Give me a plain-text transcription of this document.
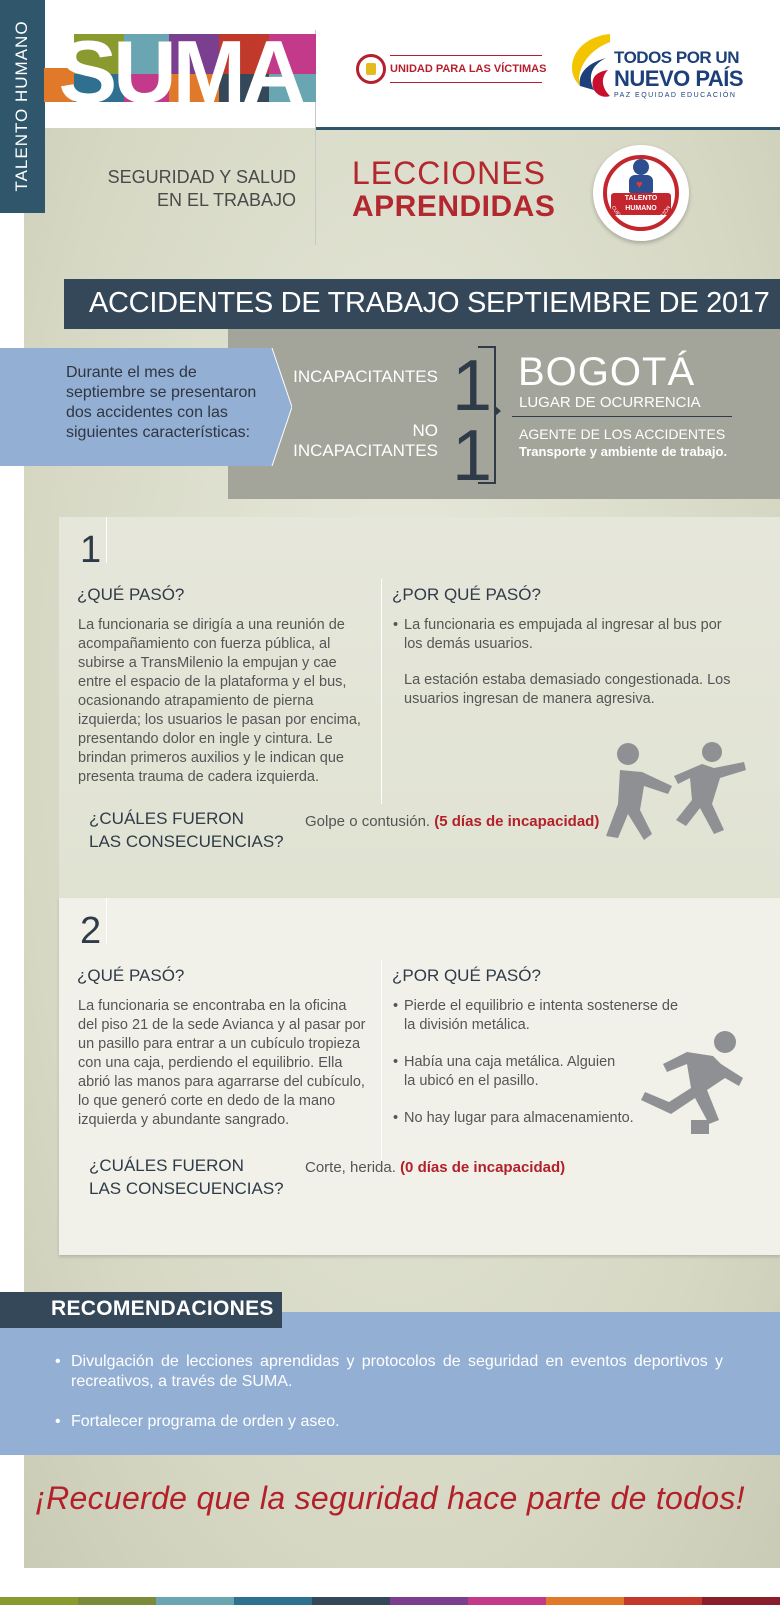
TALENTO HUMANO SUMA	UNIDAD PARA LAS VÍCTIMAS
TODOS POR UN
NUEVO PAÍS
PAZ EQUIDAD EDUCACIÓN
SEGURIDAD Y SALUD
EN EL TRABAJO
LECCIONES
APRENDIDAS
♥
TALENTO
HUMANO
CUIDAMOS CON EL CORAZÓN
ACCIDENTES DE TRABAJO SEPTIEMBRE DE 2017

Durante el mes de septiembre se presentaron dos accidentes con las siguientes características:

INCAPACITANTES
NO
INCAPACITANTES
1
1
BOGOTÁ
LUGAR DE OCURRENCIA
AGENTE DE LOS ACCIDENTES
Transporte y ambiente de trabajo.
1
¿QUÉ PASÓ?
La funcionaria se dirigía a una reunión de acompañamiento con fuerza pública, al subirse a TransMilenio la empujan y cae entre el espacio de la plataforma y el bus, ocasionando atrapamiento de pierna izquierda; los usuarios le pasan por encima, presentando dolor en ingle y cintura. Le brindan primeros auxilios y le indican que presenta trauma de cadera izquierda.
¿POR QUÉ PASÓ?
• La funcionaria es empujada al ingresar al bus por los demás usuarios.
La estación estaba demasiado congestionada. Los usuarios ingresan de manera agresiva.
¿CUÁLES FUERON
LAS CONSECUENCIAS?
Golpe o contusión. (5 días de incapacidad)
2
¿QUÉ PASÓ?
La funcionaria se encontraba en la oficina del piso 21 de la sede Avianca y al pasar por un pasillo para entrar a un cubículo tropieza con una caja, perdiendo el equilibrio. Ella abrió las manos para agarrarse del cubículo, lo que generó corte en dedo de la mano izquierda y abundante sangrado.
¿POR QUÉ PASÓ?
• Pierde el equilibrio e intenta sostenerse de la división metálica.
• Había una caja metálica. Alguien la ubicó en el pasillo.
• No hay lugar para almacenamiento.
¿CUÁLES FUERON
LAS CONSECUENCIAS?
Corte, herida. (0 días de incapacidad)
• Divulgación de lecciones aprendidas y protocolos de seguridad en eventos deportivos y recreativos, a través de SUMA.
• Fortalecer programa de orden y aseo.
RECOMENDACIONES
¡Recuerde que la seguridad hace parte de todos!
